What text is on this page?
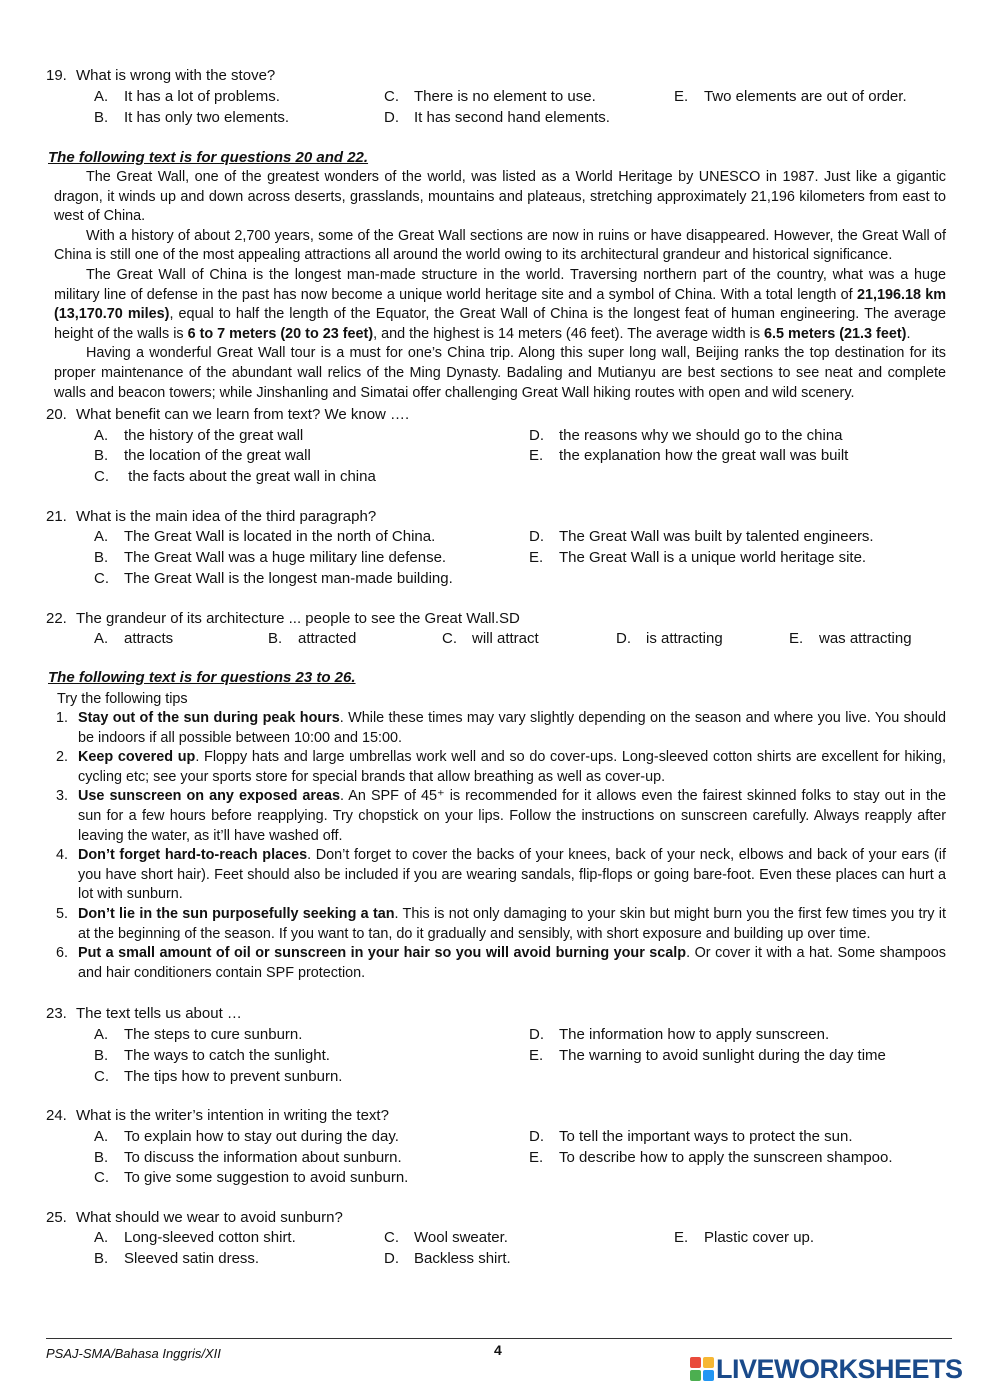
19. What is wrong with the stove?
A. It has a lot of problems.
B. It has only two elements.
C. There is no element to use.
D. It has second hand elements.
E. Two elements are out of order.
The following text is for questions 20 and 22.

The Great Wall, one of the greatest wonders of the world, was listed as a World Heritage by UNESCO in 1987. Just like a gigantic dragon, it winds up and down across deserts, grasslands, mountains and plateaus, stretching approximately 21,196 kilometers from east to west of China.

With a history of about 2,700 years, some of the Great Wall sections are now in ruins or have disappeared. However, the Great Wall of China is still one of the most appealing attractions all around the world owing to its architectural grandeur and historical significance.

The Great Wall of China is the longest man-made structure in the world. Traversing northern part of the country, what was a huge military line of defense in the past has now become a unique world heritage site and a symbol of China. With a total length of 21,196.18 km (13,170.70 miles), equal to half the length of the Equator, the Great Wall of China is the longest feat of human engineering. The average height of the walls is 6 to 7 meters (20 to 23 feet), and the highest is 14 meters (46 feet). The average width is 6.5 meters (21.3 feet).

Having a wonderful Great Wall tour is a must for one’s China trip. Along this super long wall, Beijing ranks the top destination for its proper maintenance of the abundant wall relics of the Ming Dynasty. Badaling and Mutianyu are best sections to see neat and complete walls and beacon towers; while Jinshanling and Simatai offer challenging Great Wall hiking routes with open and wild scenery.

20. What benefit can we learn from text? We know ….
A. the history of the great wall
B. the location of the great wall
C. the facts about the great wall in china
D. the reasons why we should go to the china
E. the explanation how the great wall was built
21. What is the main idea of the third paragraph?
A. The Great Wall is located in the north of China.
B. The Great Wall was a huge military line defense.
C. The Great Wall is the longest man-made building.
D. The Great Wall was built by talented engineers.
E. The Great Wall is a unique world heritage site.
22. The grandeur of its architecture ... people to see the Great Wall.SD
A. attracts	B. attracted	C. will attract	D. is attracting	E. was attracting
The following text is for questions 23 to 26.
Try the following tips
1. Stay out of the sun during peak hours. While these times may vary slightly depending on the season and where you live. You should be indoors if all possible between 10:00 and 15:00.
2. Keep covered up. Floppy hats and large umbrellas work well and so do cover-ups. Long-sleeved cotton shirts are excellent for hiking, cycling etc; see your sports store for special brands that allow breathing as well as cover-up.
3. Use sunscreen on any exposed areas. An SPF of 45⁺ is recommended for it allows even the fairest skinned folks to stay out in the sun for a few hours before reapplying. Try chopstick on your lips. Follow the instructions on sunscreen carefully. Always reapply after leaving the water, as it’ll have washed off.
4. Don’t forget hard-to-reach places. Don’t forget to cover the backs of your knees, back of your neck, elbows and back of your ears (if you have short hair). Feet should also be included if you are wearing sandals, flip-flops or going bare-foot. Even these places can hurt a lot with sunburn.
5. Don’t lie in the sun purposefully seeking a tan. This is not only damaging to your skin but might burn you the first few times you try it at the beginning of the season. If you want to tan, do it gradually and sensibly, with short exposure and building up over time.
6. Put a small amount of oil or sunscreen in your hair so you will avoid burning your scalp. Or cover it with a hat. Some shampoos and hair conditioners contain SPF protection.
23. The text tells us about …
A. The steps to cure sunburn.
B. The ways to catch the sunlight.
C. The tips how to prevent sunburn.
D. The information how to apply sunscreen.
E. The warning to avoid sunlight during the day time
24. What is the writer’s intention in writing the text?
A. To explain how to stay out during the day.
B. To discuss the information about sunburn.
C. To give some suggestion to avoid sunburn.
D. To tell the important ways to protect the sun.
E. To describe how to apply the sunscreen shampoo.
25. What should we wear to avoid sunburn?
A. Long-sleeved cotton shirt.
B. Sleeved satin dress.
C. Wool sweater.
D. Backless shirt.
E. Plastic cover up.
PSAJ-SMA/Bahasa Inggris/XII	4
LIVEWORKSHEETS
